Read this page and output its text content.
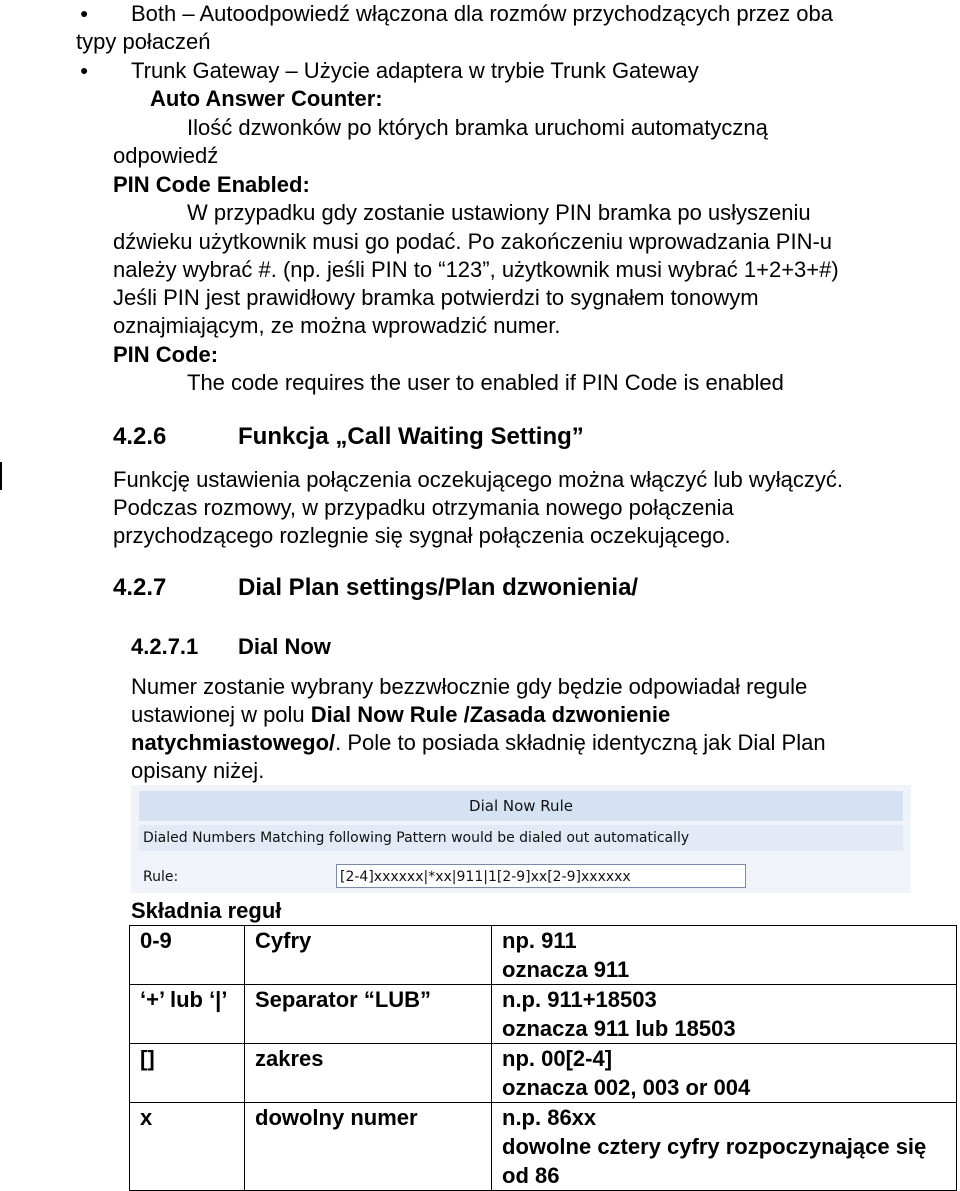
● Both – Autoodpowiedź włączona dla rozmów przychodzących przez oba
typy połaczeń
● Trunk Gateway – Użycie adaptera w trybie Trunk Gateway
Auto Answer Counter:
Ilość dzwonków po których bramka uruchomi automatyczną
odpowiedź
PIN Code Enabled:
W przypadku gdy zostanie ustawiony PIN bramka po usłyszeniu
dźwieku użytkownik musi go podać. Po zakończeniu wprowadzania PIN-u
należy wybrać #. (np. jeśli PIN to “123”, użytkownik musi wybrać 1+2+3+#)
Jeśli PIN jest prawidłowy bramka potwierdzi to sygnałem tonowym
oznajmiającym, ze można wprowadzić numer.
PIN Code:
The code requires the user to enabled if PIN Code is enabled
4.2.6	Funkcja „Call Waiting Setting”
Funkcję ustawienia połączenia oczekującego można włączyć lub wyłączyć.
Podczas rozmowy, w przypadku otrzymania nowego połączenia
przychodzącego rozlegnie się sygnał połączenia oczekującego.
4.2.7	Dial Plan settings/Plan dzwonienia/
4.2.7.1 Dial Now
Numer zostanie wybrany bezzwłocznie gdy będzie odpowiadał regule
ustawionej w polu Dial Now Rule /Zasada dzwonienie
natychmiastowego/. Pole to posiada składnię identyczną jak Dial Plan
opisany niżej.
Dial Now Rule
Dialed Numbers Matching following Pattern would be dialed out automatically
Rule:	[2-4]xxxxxx|*xx|911|1[2-9]xx[2-9]xxxxxx
Składnia reguł
0-9	Cyfry	np. 911
oznacza 911

‘+’ lub ‘|’	Separator “LUB”	n.p. 911+18503
oznacza 911 lub 18503

[]	zakres	np. 00[2-4]
oznacza 002, 003 or 004

x	dowolny numer	n.p. 86xx
dowolne cztery cyfry rozpoczynające się od 86
